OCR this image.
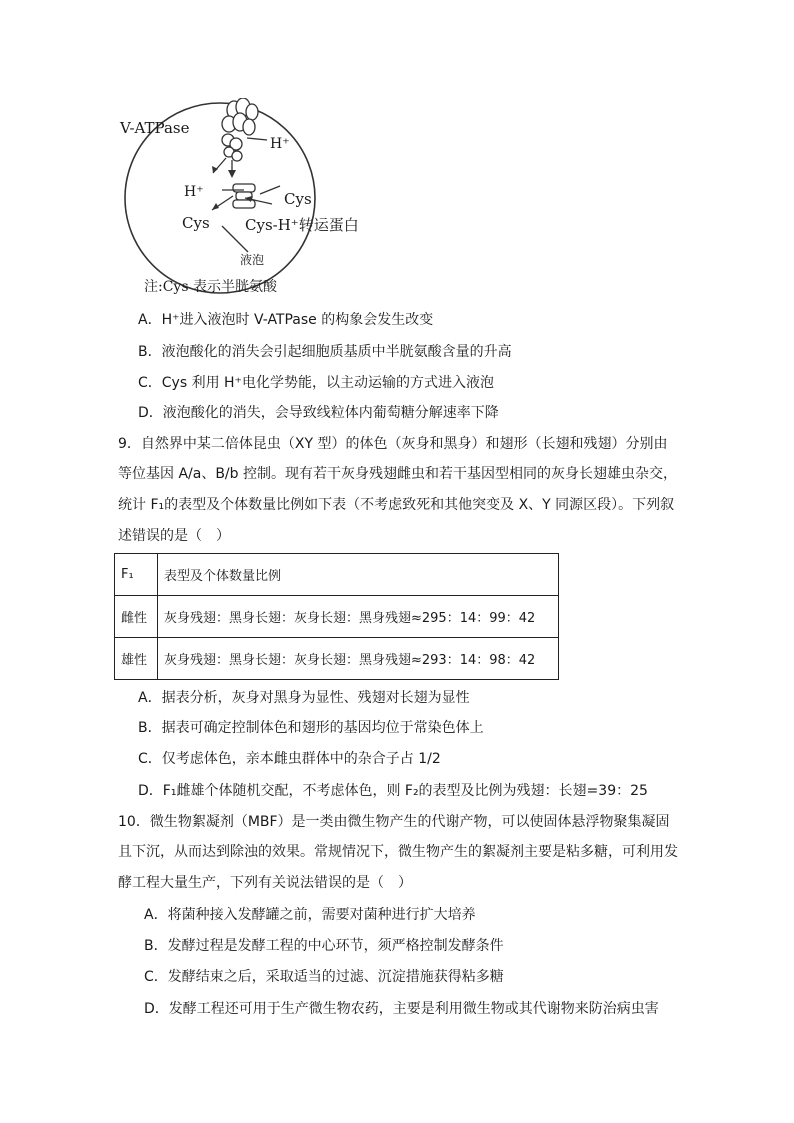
V-ATPase
H⁺
H⁺	Cys
Cys Cys-H⁺转运蛋白
液泡
注:Cys 表示半胱氨酸
A．H⁺进入液泡时 V-ATPase 的构象会发生改变
B．液泡酸化的消失会引起细胞质基质中半胱氨酸含量的升高
C．Cys 利用 H⁺电化学势能，以主动运输的方式进入液泡
D．液泡酸化的消失，会导致线粒体内葡萄糖分解速率下降
9．自然界中某二倍体昆虫（XY 型）的体色（灰身和黑身）和翅形（长翅和残翅）分别由
等位基因 A/a、B/b 控制。现有若干灰身残翅雌虫和若干基因型相同的灰身长翅雄虫杂交，
统计 F₁的表型及个体数量比例如下表（不考虑致死和其他突变及 X、Y 同源区段）。下列叙
述错误的是（　）
F₁	表型及个体数量比例
雌性	灰身残翅：黑身长翅：灰身长翅：黑身残翅≈295：14：99：42
雄性	灰身残翅：黑身长翅：灰身长翅：黑身残翅≈293：14：98：42
A．据表分析，灰身对黑身为显性、残翅对长翅为显性
B．据表可确定控制体色和翅形的基因均位于常染色体上
C．仅考虑体色，亲本雌虫群体中的杂合子占 1/2
D．F₁雌雄个体随机交配，不考虑体色，则 F₂的表型及比例为残翅：长翅=39：25
10．微生物絮凝剂（MBF）是一类由微生物产生的代谢产物，可以使固体悬浮物聚集凝固
且下沉，从而达到除浊的效果。常规情况下，微生物产生的絮凝剂主要是粘多糖，可利用发
酵工程大量生产，下列有关说法错误的是（　）
A．将菌种接入发酵罐之前，需要对菌种进行扩大培养
B．发酵过程是发酵工程的中心环节，须严格控制发酵条件
C．发酵结束之后，采取适当的过滤、沉淀措施获得粘多糖
D．发酵工程还可用于生产微生物农药，主要是利用微生物或其代谢物来防治病虫害
